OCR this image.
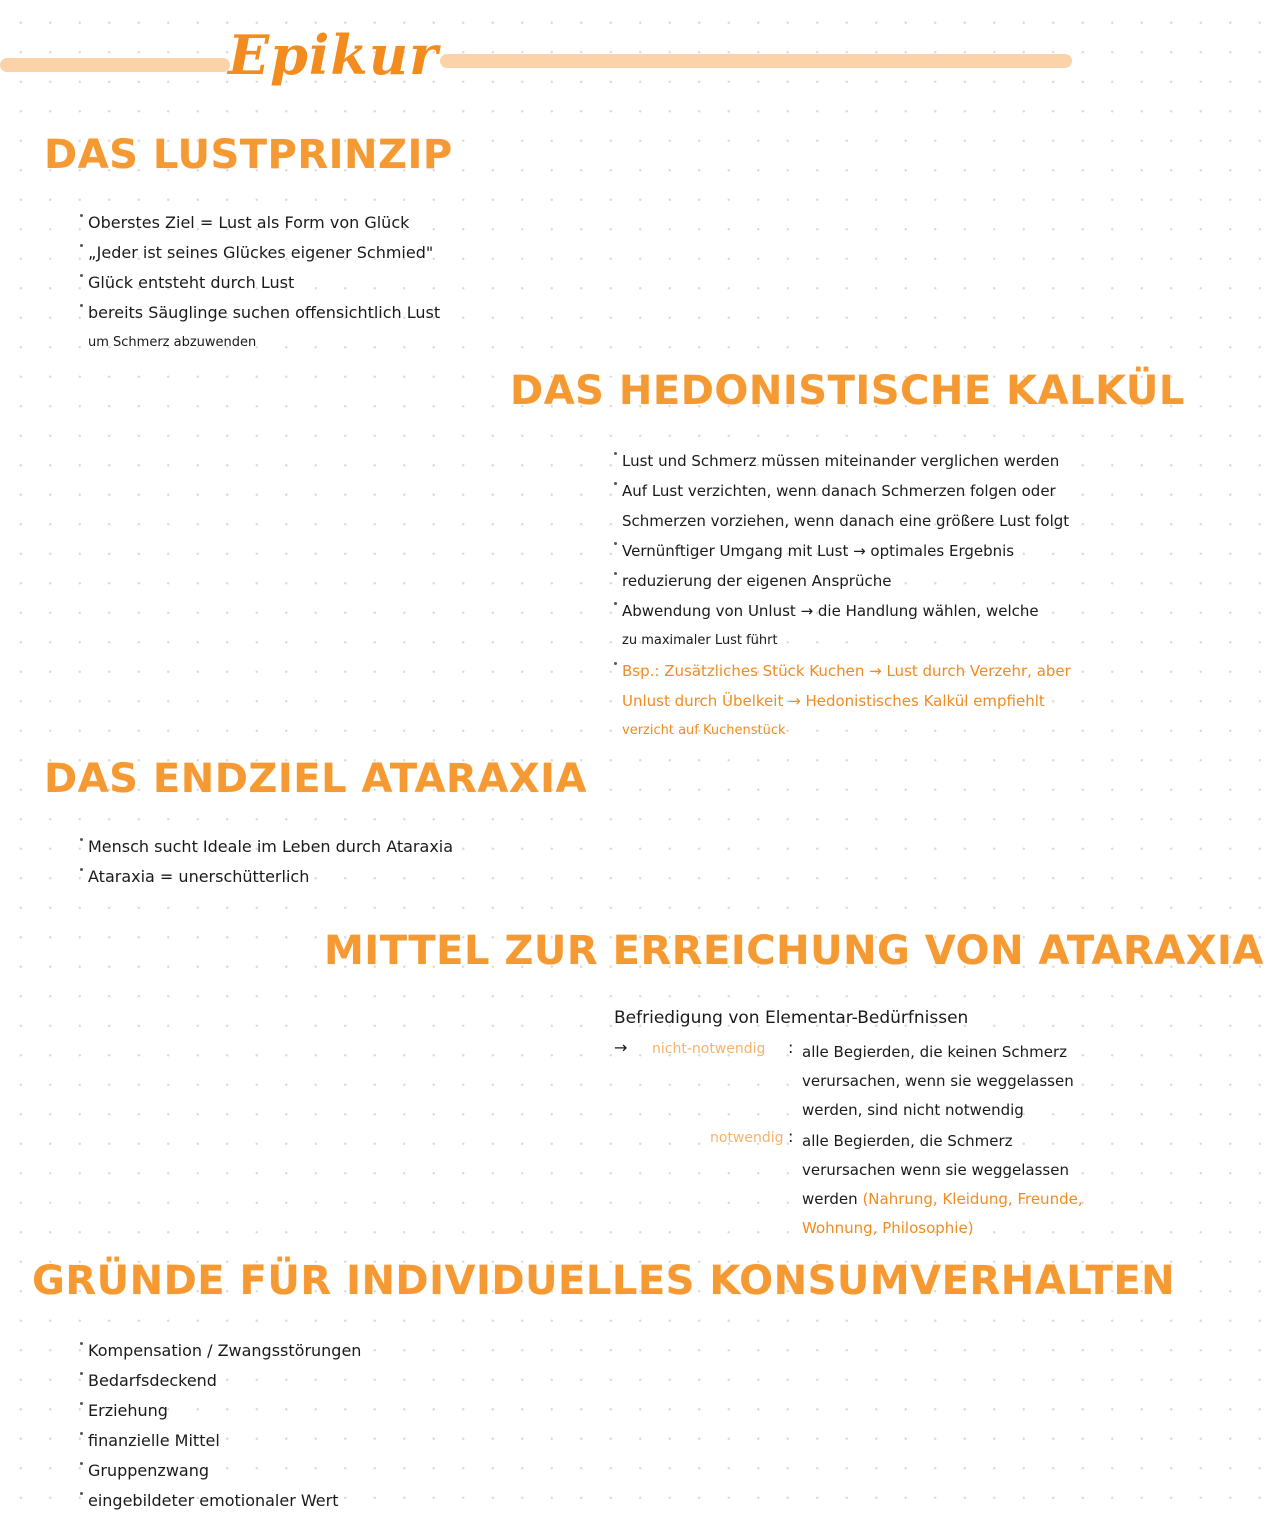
Epikur
DAS LUSTPRINZIP
Oberstes Ziel = Lust als Form von Glück
„Jeder ist seines Glückes eigener Schmied"
Glück entsteht durch Lust
bereits Säuglinge suchen offensichtlich Lust
um Schmerz abzuwenden
DAS HEDONISTISCHE KALKÜL
Lust und Schmerz müssen miteinander verglichen werden
Auf Lust verzichten, wenn danach Schmerzen folgen oder
Schmerzen vorziehen, wenn danach eine größere Lust folgt
Vernünftiger Umgang mit Lust → optimales Ergebnis
reduzierung der eigenen Ansprüche
Abwendung von Unlust → die Handlung wählen, welche
zu maximaler Lust führt
Bsp.: Zusätzliches Stück Kuchen → Lust durch Verzehr, aber
Unlust durch Übelkeit → Hedonistisches Kalkül empfiehlt
verzicht auf Kuchenstück
DAS ENDZIEL ATARAXIA
Mensch sucht Ideale im Leben durch Ataraxia
Ataraxia = unerschütterlich
MITTEL ZUR ERREICHUNG VON ATARAXIA
Befriedigung von Elementar-Bedürfnissen
→ nicht-notwendig : alle Begierden, die keinen Schmerz
verursachen, wenn sie weggelassen
werden, sind nicht notwendig
notwendig : alle Begierden, die Schmerz
verursachen wenn sie weggelassen
werden (Nahrung, Kleidung, Freunde,
Wohnung, Philosophie)
GRÜNDE FÜR INDIVIDUELLES KONSUMVERHALTEN
Kompensation / Zwangsstörungen
Bedarfsdeckend
Erziehung
finanzielle Mittel
Gruppenzwang
eingebildeter emotionaler Wert
